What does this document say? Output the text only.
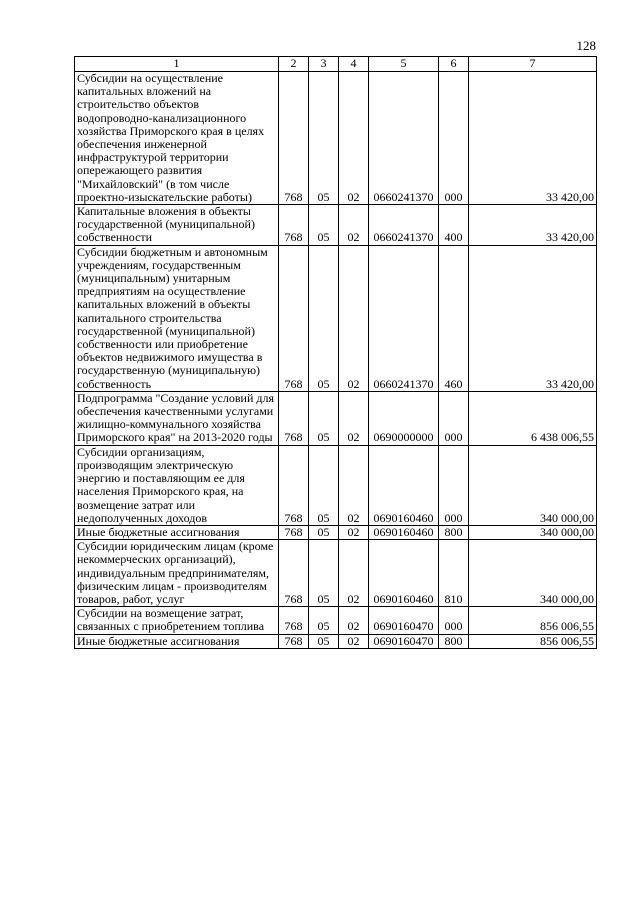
128
1	2	3	4	5	6	7
Субсидии на осуществление капитальных вложений на строительство объектов водопроводно-канализационного хозяйства Приморского края в целях обеспечения инженерной инфраструктурой территории опережающего развития "Михайловский" (в том числе проектно-изыскательские работы)	768	05	02	0660241370	000	33 420,00
Капитальные вложения в объекты государственной (муниципальной) собственности	768	05	02	0660241370	400	33 420,00
Субсидии бюджетным и автономным учреждениям, государственным (муниципальным) унитарным предприятиям на осуществление капитальных вложений в объекты капитального строительства государственной (муниципальной) собственности или приобретение объектов недвижимого имущества в государственную (муниципальную) собственность	768	05	02	0660241370	460	33 420,00
Подпрограмма "Создание условий для обеспечения качественными услугами жилищно-коммунального хозяйства Приморского края" на 2013-2020 годы	768	05	02	0690000000	000	6 438 006,55
Субсидии организациям, производящим электрическую энергию и поставляющим ее для населения Приморского края, на возмещение затрат или недополученных доходов	768	05	02	0690160460	000	340 000,00
Иные бюджетные ассигнования	768	05	02	0690160460	800	340 000,00
Субсидии юридическим лицам (кроме некоммерческих организаций), индивидуальным предпринимателям, физическим лицам - производителям товаров, работ, услуг	768	05	02	0690160460	810	340 000,00
Субсидии на возмещение затрат, связанных с приобретением топлива	768	05	02	0690160470	000	856 006,55
Иные бюджетные ассигнования	768	05	02	0690160470	800	856 006,55
